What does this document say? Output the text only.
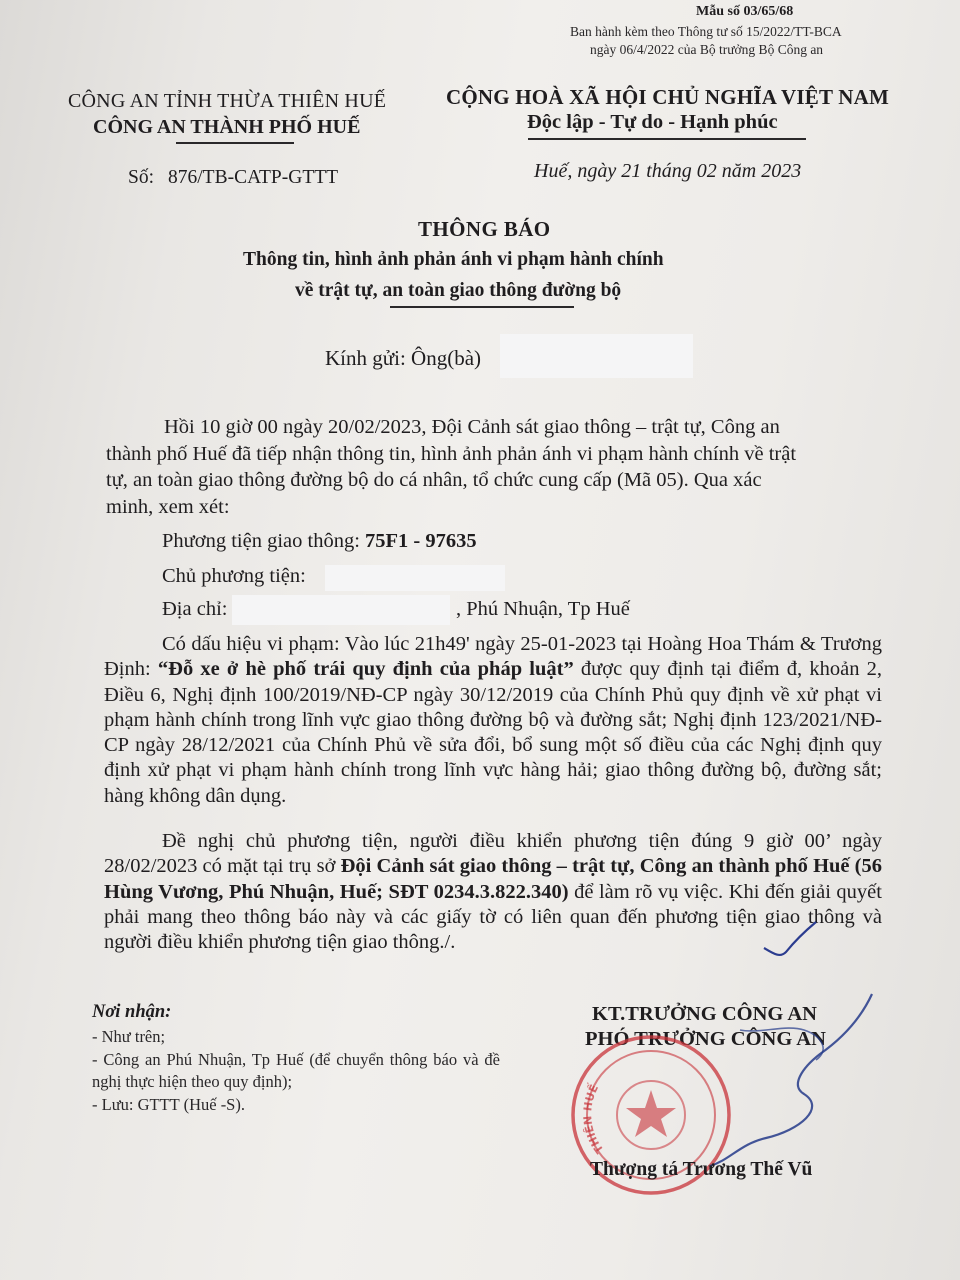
Mẫu số 03/65/68
Ban hành kèm theo Thông tư số 15/2022/TT-BCA
ngày 06/4/2022 của Bộ trưởng Bộ Công an
CÔNG AN TỈNH THỪA THIÊN HUẾ
CÔNG AN THÀNH PHỐ HUẾ
CỘNG HOÀ XÃ HỘI CHỦ NGHĨA VIỆT NAM
Độc lập - Tự do - Hạnh phúc
Số: 876/TB-CATP-GTTT	Huế, ngày 21 tháng 02 năm 2023
THÔNG BÁO
Thông tin, hình ảnh phản ánh vi phạm hành chính
về trật tự, an toàn giao thông đường bộ
Kính gửi: Ông(bà)
Hồi 10 giờ 00 ngày 20/02/2023, Đội Cảnh sát giao thông – trật tự, Công an
thành phố Huế đã tiếp nhận thông tin, hình ảnh phản ánh vi phạm hành chính về trật
tự, an toàn giao thông đường bộ do cá nhân, tổ chức cung cấp (Mã 05). Qua xác
minh, xem xét:
Phương tiện giao thông: 75F1 - 97635
Chủ phương tiện:
Địa chỉ:	, Phú Nhuận, Tp Huế
Có dấu hiệu vi phạm: Vào lúc 21h49' ngày 25-01-2023 tại Hoàng Hoa Thám & Trương Định: “Đỗ xe ở hè phố trái quy định của pháp luật” được quy định tại điểm đ, khoản 2, Điều 6, Nghị định 100/2019/NĐ-CP ngày 30/12/2019 của Chính Phủ quy định về xử phạt vi phạm hành chính trong lĩnh vực giao thông đường bộ và đường sắt; Nghị định 123/2021/NĐ-CP ngày 28/12/2021 của Chính Phủ về sửa đổi, bổ sung một số điều của các Nghị định quy định xử phạt vi phạm hành chính trong lĩnh vực hàng hải; giao thông đường bộ, đường sắt; hàng không dân dụng.
Đề nghị chủ phương tiện, người điều khiển phương tiện đúng 9 giờ 00’ ngày 28/02/2023 có mặt tại trụ sở Đội Cảnh sát giao thông – trật tự, Công an thành phố Huế (56 Hùng Vương, Phú Nhuận, Huế; SĐT 0234.3.822.340) để làm rõ vụ việc. Khi đến giải quyết phải mang theo thông báo này và các giấy tờ có liên quan đến phương tiện giao thông và người điều khiển phương tiện giao thông./.
Nơi nhận:
- Như trên;
- Công an Phú Nhuận, Tp Huế (để chuyển thông báo và đề nghị thực hiện theo quy định);
- Lưu: GTTT (Huế -S).
KT.TRƯỞNG CÔNG AN
PHÓ TRƯỞNG CÔNG AN
THIÊN HUẾ
Thượng tá Trương Thế Vũ
